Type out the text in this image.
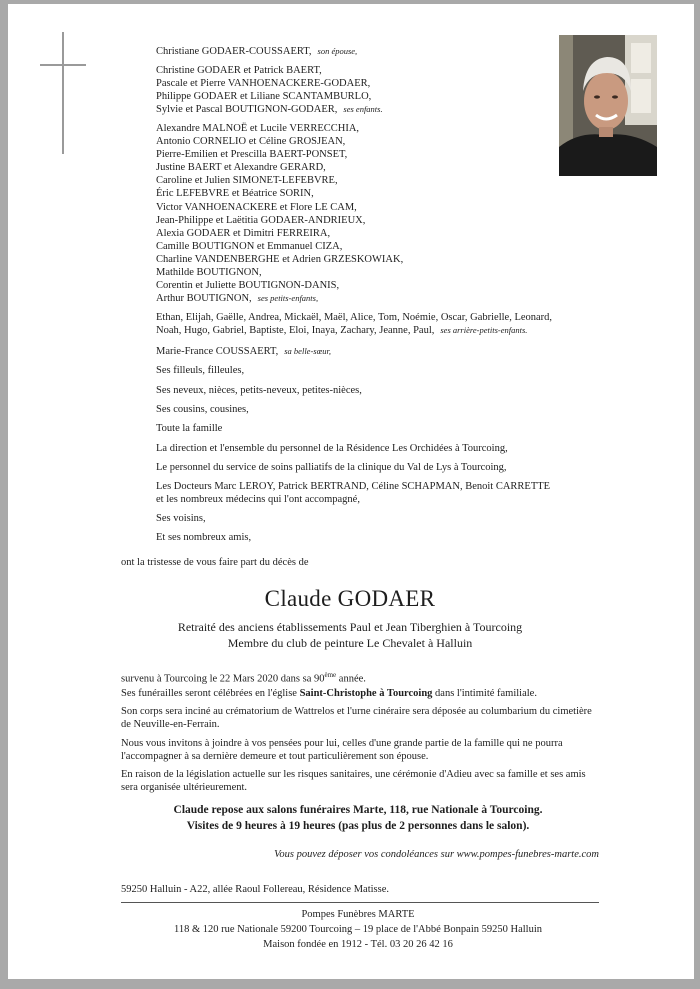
Christiane GODAER-COUSSAERT, son épouse,

Christine GODAER et Patrick BAERT,
Pascale et Pierre VANHOENACKERE-GODAER,
Philippe GODAER et Liliane SCANTAMBURLO,
Sylvie et Pascal BOUTIGNON-GODAER, ses enfants.

Alexandre MALNOË et Lucile VERRECCHIA,
Antonio CORNELIO et Céline GROSJEAN,
Pierre-Emilien et Prescilla BAERT-PONSET,
Justine BAERT et Alexandre GERARD,
Caroline et Julien SIMONET-LEFEBVRE,
Éric LEFEBVRE et Béatrice SORIN,
Victor VANHOENACKERE et Flore LE CAM,
Jean-Philippe et Laëtitia GODAER-ANDRIEUX,
Alexia GODAER et Dimitri FERREIRA,
Camille BOUTIGNON et Emmanuel CIZA,
Charline VANDENBERGHE et Adrien GRZESKOWIAK,
Mathilde BOUTIGNON,
Corentin et Juliette BOUTIGNON-DANIS,
Arthur BOUTIGNON, ses petits-enfants,

Ethan, Elijah, Gaëlle, Andrea, Mickaël, Maël, Alice, Tom, Noémie, Oscar, Gabrielle, Leonard,
Noah, Hugo, Gabriel, Baptiste, Eloi, Inaya, Zachary, Jeanne, Paul, ses arrière-petits-enfants.

Marie-France COUSSAERT, sa belle-sœur,

Ses filleuls, filleules,

Ses neveux, nièces, petits-neveux, petites-nièces,

Ses cousins, cousines,

Toute la famille

La direction et l'ensemble du personnel de la Résidence Les Orchidées à Tourcoing,

Le personnel du service de soins palliatifs de la clinique du Val de Lys à Tourcoing,

Les Docteurs Marc LEROY, Patrick BERTRAND, Céline SCHAPMAN, Benoit CARRETTE
et les nombreux médecins qui l'ont accompagné,

Ses voisins,

Et ses nombreux amis,

ont la tristesse de vous faire part du décès de
Claude GODAER
Retraité des anciens établissements Paul et Jean Tiberghien à Tourcoing
Membre du club de peinture Le Chevalet à Halluin

survenu à Tourcoing le 22 Mars 2020 dans sa 90ème année.

Ses funérailles seront célébrées en l'église Saint-Christophe à Tourcoing dans l'intimité familiale.

Son corps sera inciné au crématorium de Wattrelos et l'urne cinéraire sera déposée au columbarium du cimetière de Neuville-en-Ferrain.

Nous vous invitons à joindre à vos pensées pour lui, celles d'une grande partie de la famille qui ne pourra l'accompagner à sa dernière demeure et tout particulièrement son épouse.

En raison de la législation actuelle sur les risques sanitaires, une cérémonie d'Adieu avec sa famille et ses amis sera organisée ultérieurement.

Claude repose aux salons funéraires Marte, 118, rue Nationale à Tourcoing.
Visites de 9 heures à 19 heures (pas plus de 2 personnes dans le salon).
Vous pouvez déposer vos condoléances sur www.pompes-funebres-marte.com
59250 Halluin - A22, allée Raoul Follereau, Résidence Matisse.
Pompes Funèbres MARTE
118 & 120 rue Nationale 59200 Tourcoing – 19 place de l'Abbé Bonpain 59250 Halluin
Maison fondée en 1912 - Tél. 03 20 26 42 16
